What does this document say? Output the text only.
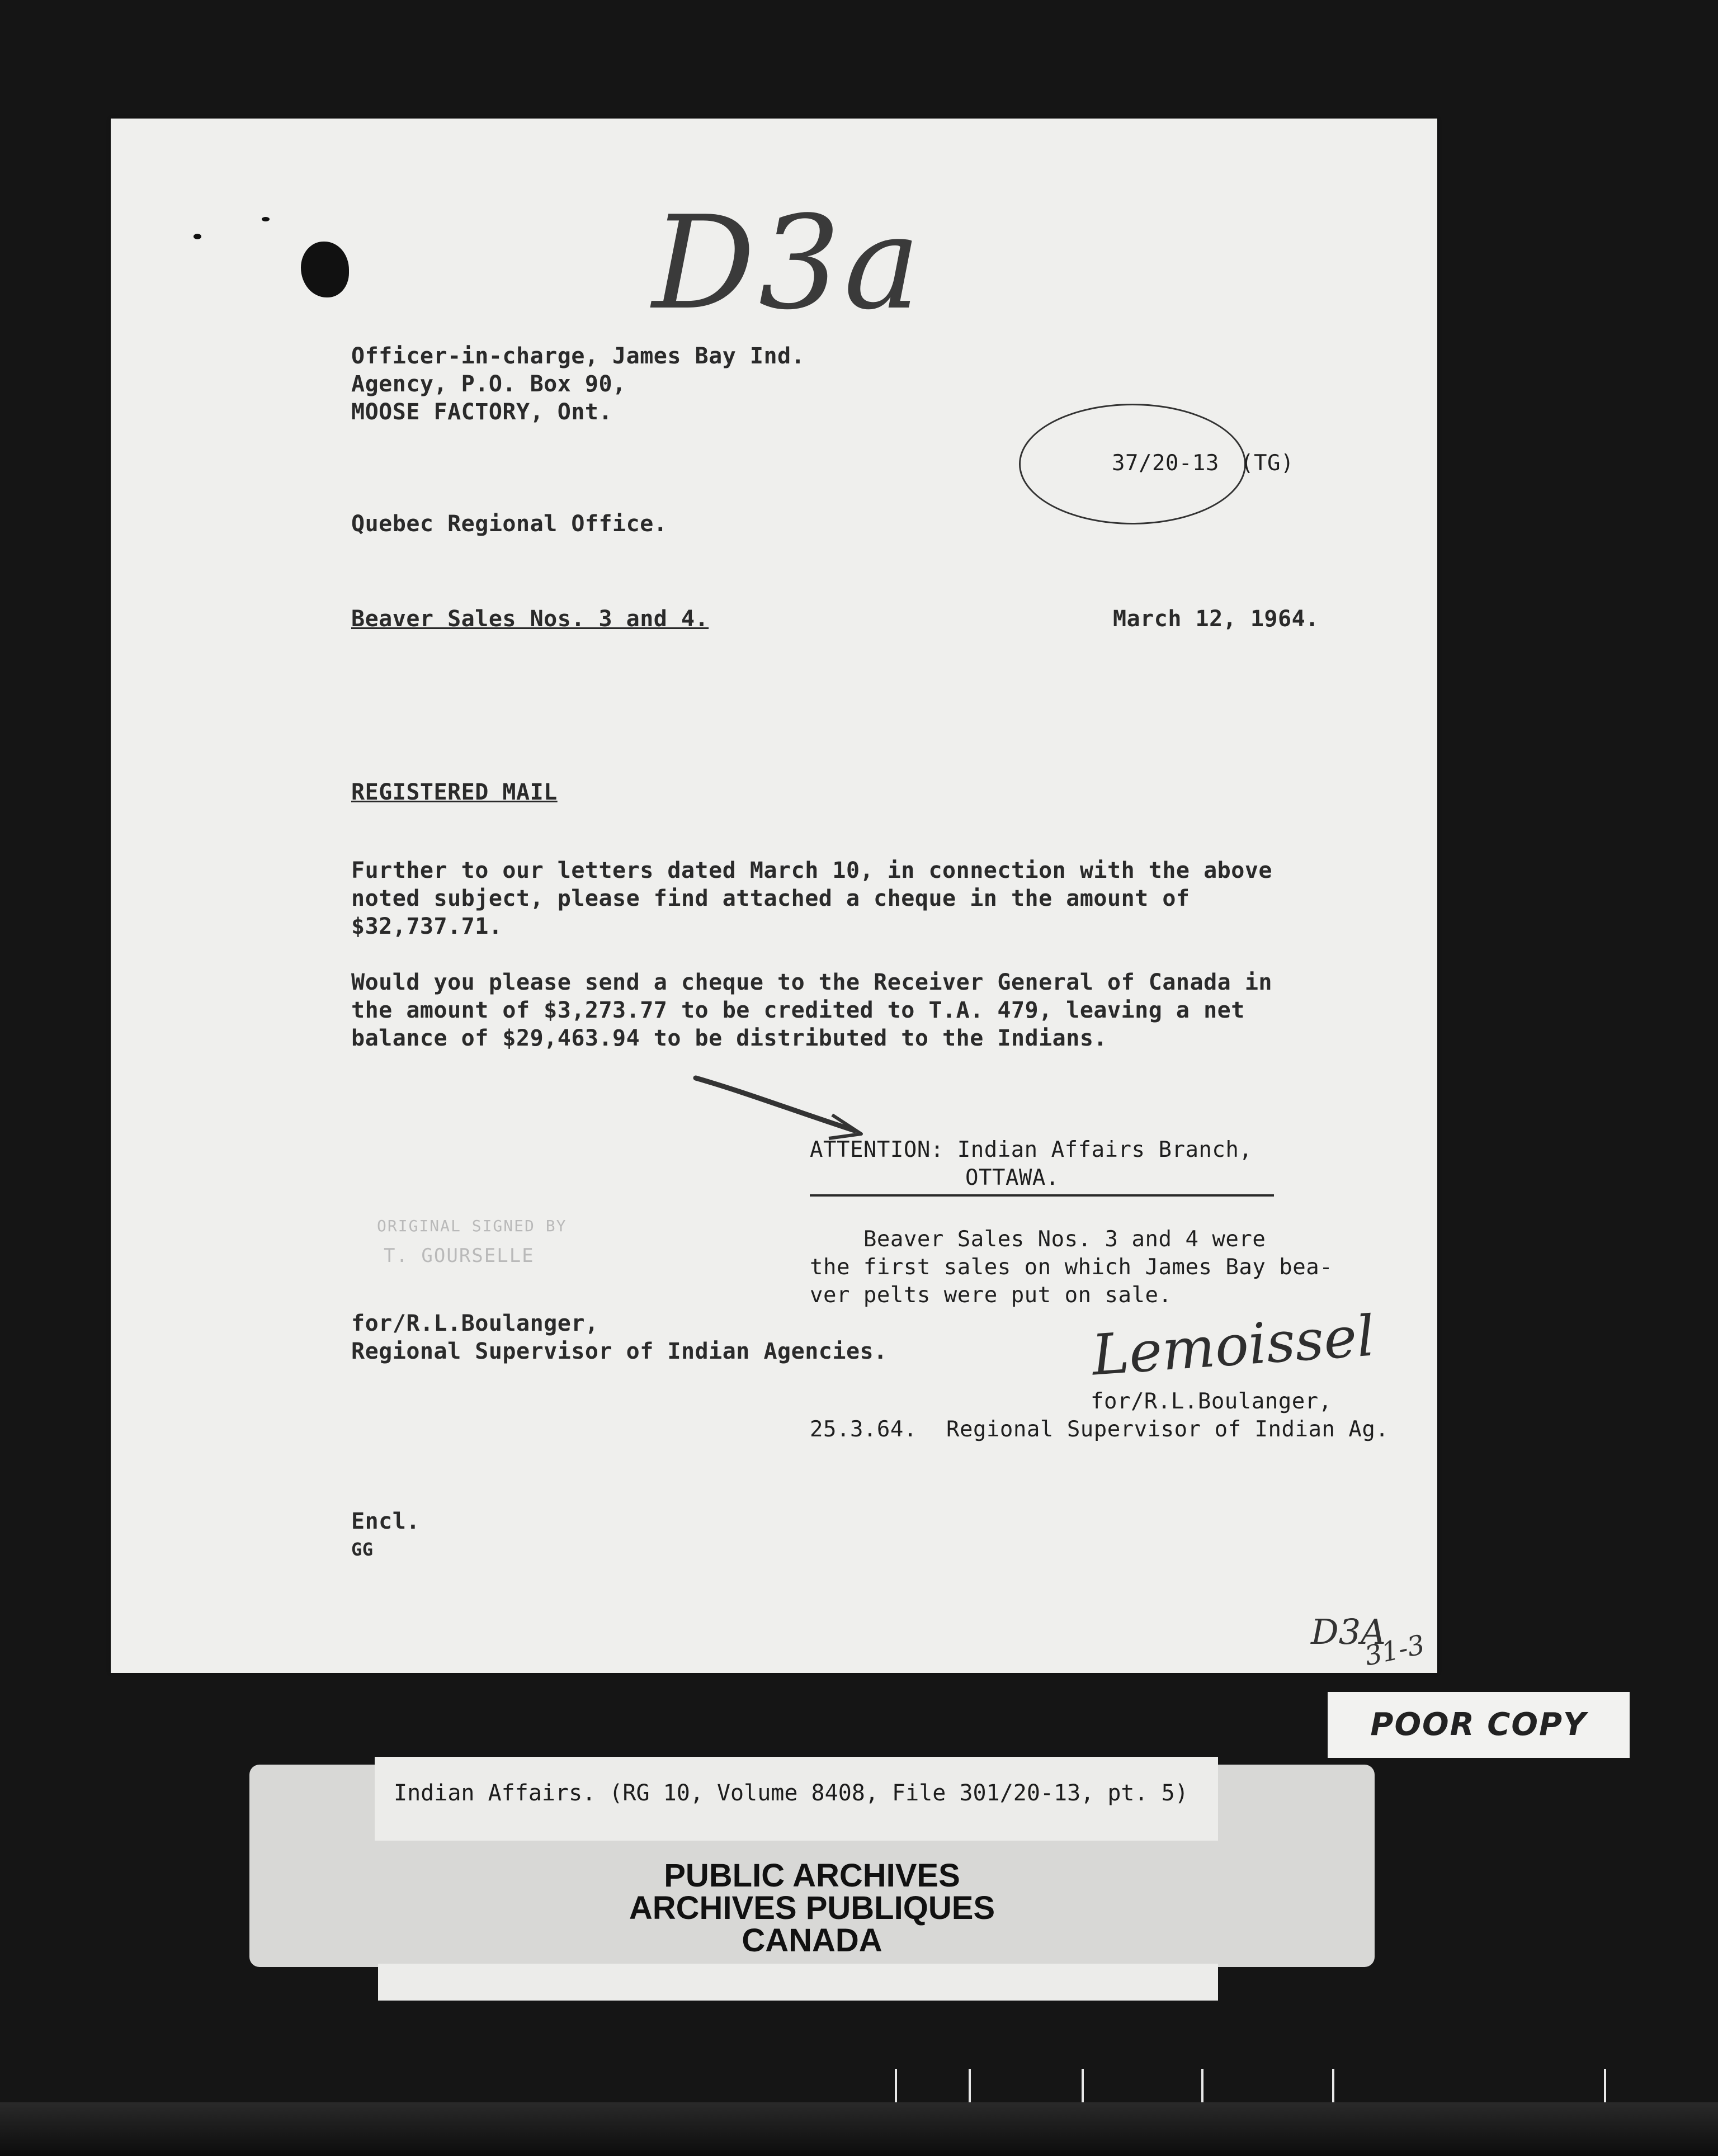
D3a
Officer-in-charge, James Bay Ind.
Agency, P.O. Box 90,
MOOSE FACTORY, Ont.
37/20-13 (TG)
Quebec Regional Office.
Beaver Sales Nos. 3 and 4.	March 12, 1964.
REGISTERED MAIL
Further to our letters dated March 10, in connection with the above
noted subject, please find attached a cheque in the amount of
$32,737.71.
Would you please send a cheque to the Receiver General of Canada in
the amount of $3,273.77 to be credited to T.A. 479, leaving a net
balance of $29,463.94 to be distributed to the Indians.
ATTENTION: Indian Affairs Branch,
OTTAWA.
Beaver Sales Nos. 3 and 4 were
the first sales on which James Bay bea-
ver pelts were put on sale.
ORIGINAL SIGNED BY
T. GOURSELLE
for/R.L.Boulanger,
Regional Supervisor of Indian Agencies.	Lemoissel
for/R.L.Boulanger,
25.3.64. Regional Supervisor of Indian Ag.
Encl.
GG
D3A
31-3
POOR COPY
Indian Affairs. (RG 10, Volume 8408, File 301/20-13, pt. 5)
PUBLIC ARCHIVES
ARCHIVES PUBLIQUES
CANADA
